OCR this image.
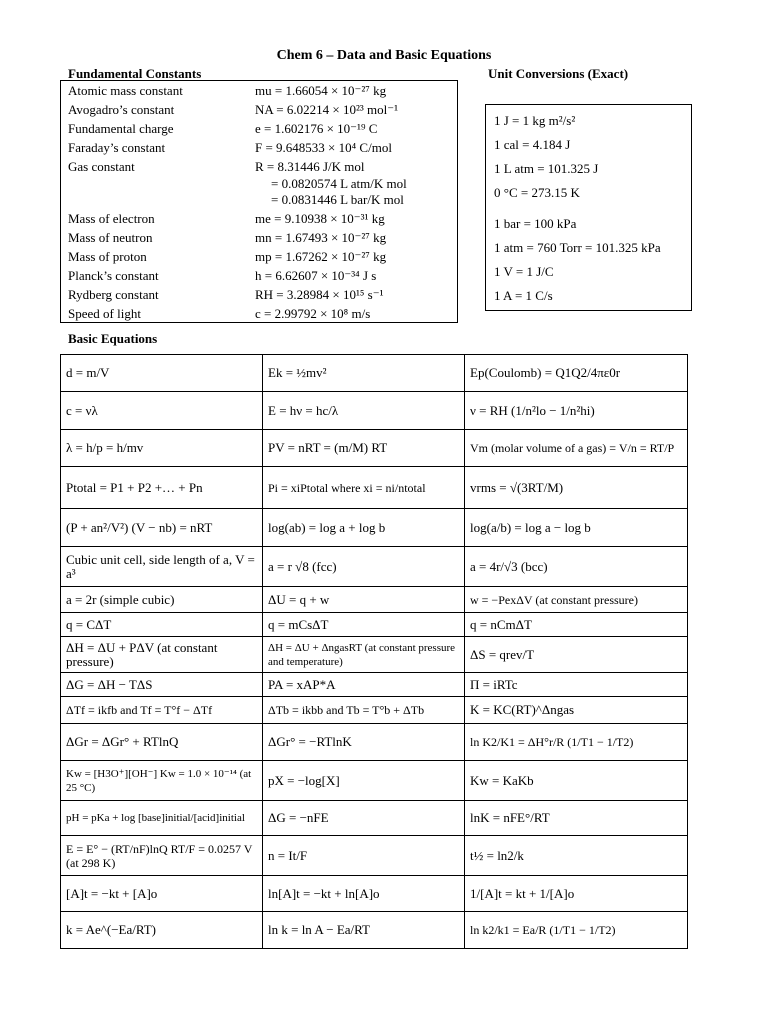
Chem 6 – Data and Basic Equations
Fundamental Constants	Unit Conversions (Exact)
Atomic mass constant	mu = 1.66054 × 10⁻²⁷ kg
Avogadro’s constant	NA = 6.02214 × 10²³ mol⁻¹
Fundamental charge	e = 1.602176 × 10⁻¹⁹ C
Faraday’s constant	F = 9.648533 × 10⁴ C/mol
Gas constant	R = 8.31446 J/K mol
= 0.0820574 L atm/K mol
= 0.0831446 L bar/K mol
Mass of electron	me = 9.10938 × 10⁻³¹ kg
Mass of neutron	mn = 1.67493 × 10⁻²⁷ kg
Mass of proton	mp = 1.67262 × 10⁻²⁷ kg
Planck’s constant	h = 6.62607 × 10⁻³⁴ J s
Rydberg constant	RH = 3.28984 × 10¹⁵ s⁻¹
Speed of light	c = 2.99792 × 10⁸ m/s
1 J = 1 kg m²/s²
1 cal = 4.184 J
1 L atm = 101.325 J
0 °C = 273.15 K
1 bar = 100 kPa
1 atm = 760 Torr = 101.325 kPa
1 V = 1 J/C
1 A = 1 C/s
Basic Equations
d = m/V	Ek = ½mv²	Ep(Coulomb) = Q1Q2/4πε0r
c = νλ	E = hν = hc/λ	ν = RH (1/n²lo − 1/n²hi)
λ = h/p = h/mv	PV = nRT = (m/M) RT	Vm (molar volume of a gas) = V/n = RT/P
Ptotal = P1 + P2 +… + Pn	Pi = xiPtotal where xi = ni/ntotal	vrms = √(3RT/M)
(P + an²/V²) (V − nb) = nRT	log(ab) = log a + log b	log(a/b) = log a − log b
Cubic unit cell, side length of a, V = a³	a = r √8 (fcc)	a = 4r/√3 (bcc)
a = 2r (simple cubic)	ΔU = q + w	w = −PexΔV (at constant pressure)
q = CΔT	q = mCsΔT	q = nCmΔT
ΔH = ΔU + PΔV (at constant pressure)	ΔH = ΔU + ΔngasRT (at constant pressure and temperature)	ΔS = qrev/T
ΔG = ΔH − TΔS	PA = xAP*A	Π = iRTc
ΔTf = ikfb and Tf = T°f − ΔTf	ΔTb = ikbb and Tb = T°b + ΔTb	K = KC(RT)^Δngas
ΔGr = ΔGr° + RTlnQ	ΔGr° = −RTlnK	ln K2/K1 = ΔH°r/R (1/T1 − 1/T2)
Kw = [H3O⁺][OH⁻] Kw = 1.0 × 10⁻¹⁴ (at 25 °C)	pX = −log[X]	Kw = KaKb
pH = pKa + log [base]initial/[acid]initial	ΔG = −nFE	lnK = nFE°/RT
E = E° − (RT/nF)lnQ RT/F = 0.0257 V (at 298 K)	n = It/F	t½ = ln2/k
[A]t = −kt + [A]o	ln[A]t = −kt + ln[A]o	1/[A]t = kt + 1/[A]o
k = Ae^(−Ea/RT)	ln k = ln A − Ea/RT	ln k2/k1 = Ea/R (1/T1 − 1/T2)
